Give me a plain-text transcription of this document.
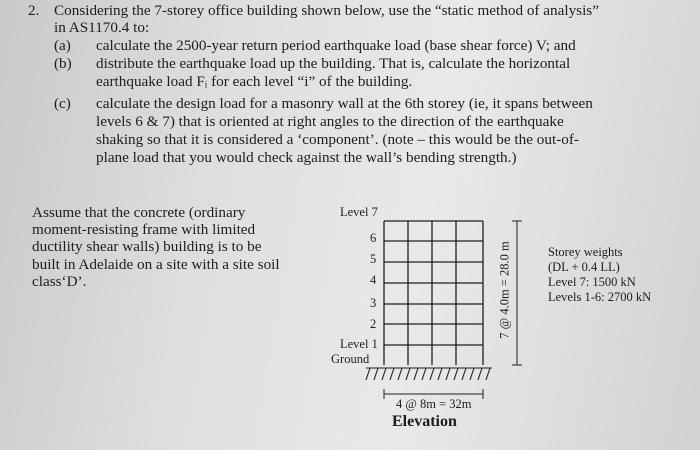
2. Considering the 7-storey office building shown below, use the “static method of analysis”
in AS1170.4 to:
(a) calculate the 2500-year return period earthquake load (base shear force) V; and
(b) distribute the earthquake load up the building. That is, calculate the horizontal
earthquake load Fᵢ for each level “i” of the building.
(c) calculate the design load for a masonry wall at the 6th storey (ie, it spans between
levels 6 & 7) that is oriented at right angles to the direction of the earthquake
shaking so that it is considered a ‘component’. (note – this would be the out-of-
plane load that you would check against the wall’s bending strength.)
Assume that the concrete (ordinary
moment-resisting frame with limited
ductility shear walls) building is to be
built in Adelaide on a site with a site soil
class‘D’.
Level 7
6
5
4
3
2
Level 1
Ground
7 @ 4.0m = 28.0 m
4 @ 8m = 32m
Elevation
Storey weights
(DL + 0.4 LL)
Level 7: 1500 kN
Levels 1-6: 2700 kN
